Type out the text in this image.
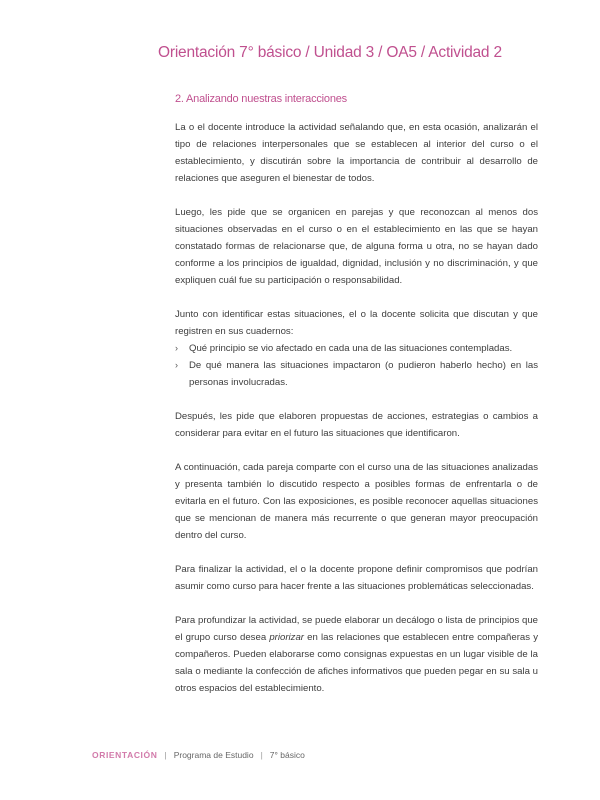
Orientación 7° básico / Unidad 3 / OA5 / Actividad 2
2. Analizando nuestras interacciones

La o el docente introduce la actividad señalando que, en esta ocasión, analizarán el tipo de relaciones interpersonales que se establecen al interior del curso o el establecimiento, y discutirán sobre la importancia de contribuir al desarrollo de relaciones que aseguren el bienestar de todos.

Luego, les pide que se organicen en parejas y que reconozcan al menos dos situaciones observadas en el curso o en el establecimiento en las que se hayan constatado formas de relacionarse que, de alguna forma u otra, no se hayan dado conforme a los principios de igualdad, dignidad, inclusión y no discriminación, y que expliquen cuál fue su participación o responsabilidad.

Junto con identificar estas situaciones, el o la docente solicita que discutan y que registren en sus cuadernos:

› Qué principio se vio afectado en cada una de las situaciones contempladas.
› De qué manera las situaciones impactaron (o pudieron haberlo hecho) en las personas involucradas.

Después, les pide que elaboren propuestas de acciones, estrategias o cambios a considerar para evitar en el futuro las situaciones que identificaron.

A continuación, cada pareja comparte con el curso una de las situaciones analizadas y presenta también lo discutido respecto a posibles formas de enfrentarla o de evitarla en el futuro. Con las exposiciones, es posible reconocer aquellas situaciones que se mencionan de manera más recurrente o que generan mayor preocupación dentro del curso.

Para finalizar la actividad, el o la docente propone definir compromisos que podrían asumir como curso para hacer frente a las situaciones problemáticas seleccionadas.

Para profundizar la actividad, se puede elaborar un decálogo o lista de principios que el grupo curso desea priorizar en las relaciones que establecen entre compañeras y compañeros. Pueden elaborarse como consignas expuestas en un lugar visible de la sala o mediante la confección de afiches informativos que pueden pegar en su sala u otros espacios del establecimiento.

ORIENTACIÓN | Programa de Estudio | 7° básico
